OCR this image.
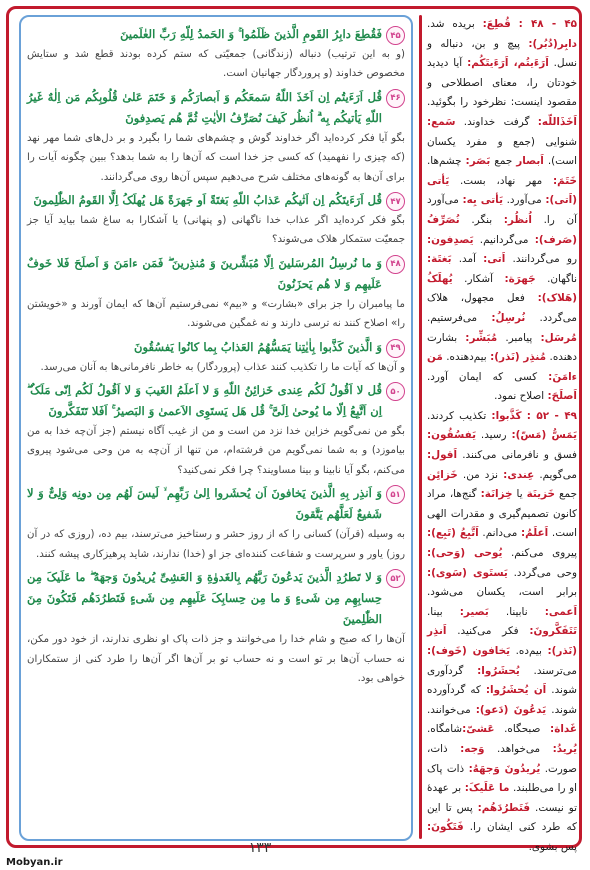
۴۵
فَقُطِعَ دابِرُ القَومِ الَّذینَ ظَلَمُوا ۚ وَ الحَمدُ لِلّهِ رَبِّ العٰلَمینَ

(و به این ترتیب) دنباله (زندگانی) جمعیّتی که ستم کرده بودند قطع شد و ستایش مخصوص خداوند (و پروردگار جهانیان است.

۴۶
قُل اَرَءَیتُم اِن اَخَذَ اللّهُ سَمعَکُم وَ اَبصارَکُم وَ خَتَمَ عَلیٰ قُلُوبِکُم مَن اِلٰهٌ غَیرُ اللّهِ یَأتیکُم بِه ۗ اُنظُر کَیفَ نُصَرِّفُ الاٰیٰتِ ثُمَّ هُم یَصدِفونَ

بگو آیا فکر کرده‌اید اگر خداوند گوش و چشم‌های شما را بگیرد و بر دل‌های شما مهر نهد (که چیزی را نفهمید) که کسی جز خدا است که آن‌ها را به شما بدهد؟ ببین چگونه آیات را برای آن‌ها به گونه‌های مختلف شرح می‌دهیم سپس آن‌ها روی می‌گردانند.

۴۷
قُل اَرَءَیتَکُم اِن اَتٰیکُم عَذابُ اللّهِ بَغتَةً اَو جَهرَةً هَل یُهلَکُ اِلَّا القَومُ الظّٰلِمونَ

بگو فکر کرده‌اید اگر عذاب خدا ناگهانی (و پنهانی) یا آشکارا به ساغ شما بیاید آیا جز جمعیّت ستمکار هلاک می‌شوند؟

۴۸
وَ ما نُرسِلُ المُرسَلینَ اِلّا مُبَشِّرینَ وَ مُنذِرینَ ۖ فَمَن ءامَنَ وَ اَصلَحَ فَلا خَوفٌ عَلَیهِم وَ لا هُم یَحزَنُونَ

ما پیامبران را جز برای «بشارت» و «بیم» نمی‌فرستیم آن‌ها که ایمان آورند و «خویشتن را» اصلاح کنند نه ترسی دارند و نه غمگین می‌شوند.

۴۹
وَ الَّذینَ کَذَّبوا بِاٰیٰتِنا یَمَسُّهُمُ العَذابُ بِما کانُوا یَفسُقُونَ

و آن‌ها که آیات ما را تکذیب کنند عذاب (پروردگار) به خاطر نافرمانی‌ها به آنان می‌رسد.

۵۰
قُل لا اَقُولُ لَکُم عِندی خَزائِنُ اللّهِ وَ لا اَعلَمُ الغَیبَ وَ لا اَقُولُ لَکُم اِنّی مَلَکٌ ۖ اِن اَتَّبِعُ اِلّا ما یُوحیٰ اِلَیَّ ۚ قُل هَل یَستَوِی الاَعمیٰ وَ البَصیرُ ۚ اَفَلا تَتَفَکَّرونَ

بگو من نمی‌گویم خزاین خدا نزد من است و من از غیب آگاه نیستم (جز آن‌چه خدا به من بیاموزد) و به شما نمی‌گویم من فرشته‌ام، من تنها از آن‌چه به من وحی می‌شود پیروی می‌کنم، بگو آیا نابینا و بینا مساویند؟ چرا فکر نمی‌کنید؟

۵۱
وَ اَنذِر بِهِ الَّذینَ یَخافونَ اَن یُحشَروا اِلیٰ رَبِّهِم ۙ لَیسَ لَهُم مِن دونِه وَلِیٌّ وَ لا شَفیعٌ لَعَلَّهُم یَتَّقونَ

به وسیله (قرآن) کسانی را که از روز حشر و رستاخیز می‌ترسند، بیم ده، (روزی که در آن روز) یاور و سرپرست و شفاعت کننده‌ای جز او (خدا) ندارند، شاید پرهیزکاری پیشه کنند.

۵۲
وَ لا تَطرُدِ الَّذینَ یَدعُونَ رَبَّهُم بِالغَدوٰةِ وَ العَشِیِّ یُریدُونَ وَجهَهُ ۖ ما عَلَیکَ مِن حِسابِهِم مِن شَیءٍ وَ ما مِن حِسابِکَ عَلَیهِم مِن شَیءٍ فَتَطرُدَهُم فَتَکُونَ مِنَ الظّٰلِمینَ

آن‌ها را که صبح و شام خدا را می‌خوانند و جز ذات پاک او نظری ندارند، از خود دور مکن، نه حساب آن‌ها بر تو است و نه حساب تو بر آن‌ها اگر آن‌ها را طرد کنی از ستمکاران خواهی بود.

۴۵ - ۴۸ : قُطِعَ: بریده شد. دابِر(دُبُر): پیچ و بن، دنباله و نسل. اَرَءَیتُم، اَرَءَیتَکُم: آیا دیدید خودتان را، معنای اصطلاحی و مقصود اینست: نظرخود را بگوئید. اَخَذَاللّه: گرفت خداوند. سَمع: شنوایی (جمع و مفرد یکسان است). اَبصار جمع بَصَر: چشم‌ها. خَتَمَ: مهر نهاد، بست. یَأتی (اَتی): می‌آورد. یَأتی بِه: می‌آورد آن را. اُنظُر: بنگر. نُصَرِّفُ (صَرف): می‌گردانیم. یَصدِفون: رو می‌گردانند. اَتی: آمد. بَغتَة: ناگهان. جَهرَة: آشکار. یُهلَکُ (هَلاک): فعل مجهول، هلاک می‌گردد. نُرسِلُ: می‌فرستیم. مُرسَل: پیامبر. مُبَشِّر: بشارت دهنده. مُنذِر (نَذر): بیم‌دهنده. مَن ءامَنَ: کسی که ایمان آورد. اَصلَحَ: اصلاح نمود.
۴۹ - ۵۲ : کَذَّبوا: تکذیب کردند. یَمَسُّ (مَسّ): رسید. یَفسُقُون: فسق و نافرمانی می‌کنند. اَقول: می‌گویم. عِندی: نزد من. خَزائِن جمع خَزینَة یا خِزانَة: گنج‌ها، مراد کانون تصمیم‌گیری و مقدرات الهی است. اَعلَمُ: می‌دانم. اَتَّبِعُ (تَبِع): پیروی می‌کنم. یُوحی (وَحی): وحی می‌گردد. یَستَوی (سَوی): برابر است، یکسان می‌شود. اَعمی: نابینا. بَصیر: بینا. تَتَفَکَّرونَ: فکر می‌کنید. اَنذِر (نَذر): بیم‌ده. یَخافون (خَوف): می‌ترسند. یُحشَرُوا: گردآوری شوند. اَن یُحشَرُوا: که گردآورده شوند. یَدعُونَ (دَعو): می‌خوانند. غَداة: صبحگاه. عَشیّ:شامگاه. یُریدُ: می‌خواهد. وَجه: ذات، صورت. یُریدُونَ وَجهَهُ: ذات پاک او را می‌طلبند. ما عَلَیکَ: بر عهدهٔ تو نیست. فَتَطرُدَهُم: پس تا این که طرد کنی ایشان را. فَتَکُونَ: پس بشوی.
۱۳۳
Mobyan.ir
